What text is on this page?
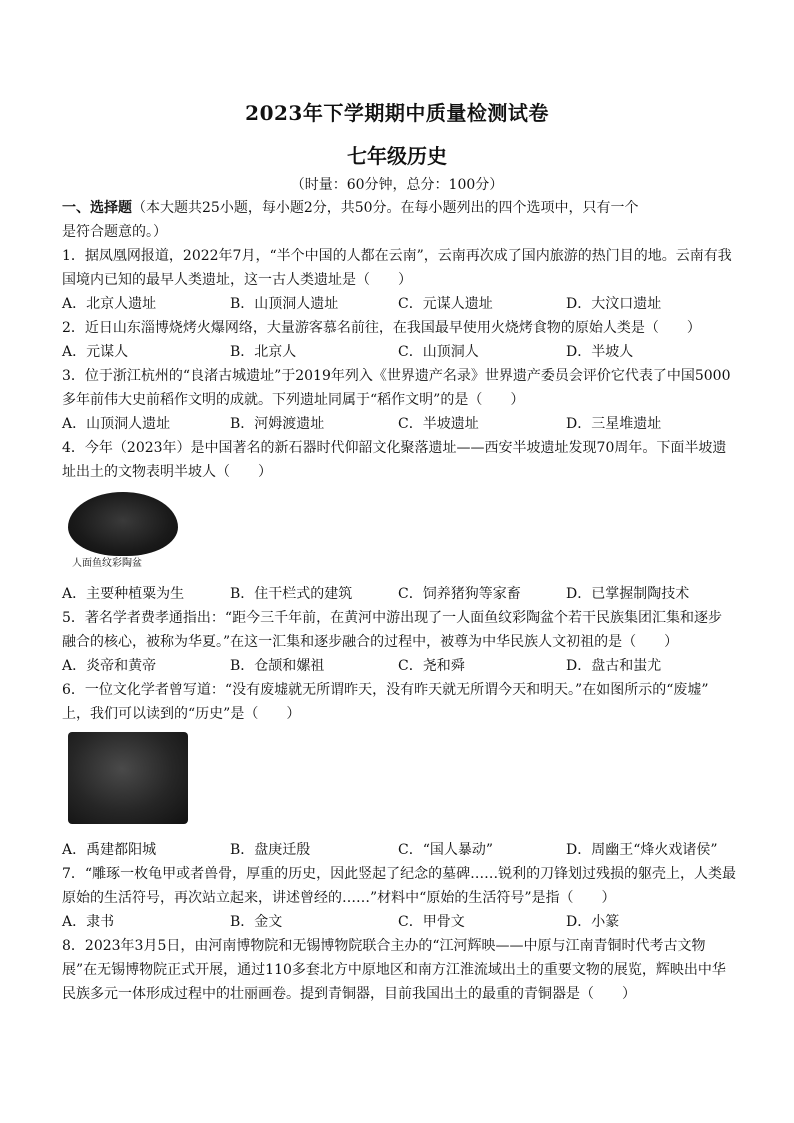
2023年下学期期中质量检测试卷
七年级历史
（时量：60分钟，总分：100分）
一、选择题（本大题共25小题，每小题2分，共50分。在每小题列出的四个选项中，只有一个
是符合题意的。）
1．据凤凰网报道，2022年7月，“半个中国的人都在云南”，云南再次成了国内旅游的热门目的地。云南有我
国境内已知的最早人类遗址，这一古人类遗址是（　　）
A．北京人遗址	B．山顶洞人遗址	C．元谋人遗址	D．大汶口遗址
2．近日山东淄博烧烤火爆网络，大量游客慕名前往，在我国最早使用火烧烤食物的原始人类是（　　）
A．元谋人	B．北京人	C．山顶洞人	D．半坡人
3．位于浙江杭州的“良渚古城遗址”于2019年列入《世界遗产名录》世界遗产委员会评价它代表了中国5000
多年前伟大史前稻作文明的成就。下列遗址同属于“稻作文明”的是（　　）
A．山顶洞人遗址	B．河姆渡遗址	C．半坡遗址	D．三星堆遗址
4．今年（2023年）是中国著名的新石器时代仰韶文化聚落遗址——西安半坡遗址发现70周年。下面半坡遗
址出土的文物表明半坡人（　　）
人面鱼纹彩陶盆
A．主要种植粟为生	B．住干栏式的建筑	C．饲养猪狗等家畜	D．已掌握制陶技术
5．著名学者费孝通指出：“距今三千年前，在黄河中游出现了一人面鱼纹彩陶盆个若干民族集团汇集和逐步
融合的核心，被称为华夏。”在这一汇集和逐步融合的过程中，被尊为中华民族人文初祖的是（　　）
A．炎帝和黄帝	B．仓颉和嫘祖	C．尧和舜	D．盘古和蚩尤
6．一位文化学者曾写道：“没有废墟就无所谓昨天，没有昨天就无所谓今天和明天。”在如图所示的“废墟”
上，我们可以读到的“历史”是（　　）
A．禹建都阳城	B．盘庚迁殷	C．“国人暴动”	D．周幽王“烽火戏诸侯”
7．“雕琢一枚龟甲或者兽骨，厚重的历史，因此竖起了纪念的墓碑……锐利的刀锋划过残损的躯壳上，人类最
原始的生活符号，再次站立起来，讲述曾经的……”材料中“原始的生活符号”是指（　　）
A．隶书	B．金文	C．甲骨文	D．小篆
8．2023年3月5日，由河南博物院和无锡博物院联合主办的“江河辉映——中原与江南青铜时代考古文物
展”在无锡博物院正式开展，通过110多套北方中原地区和南方江淮流域出土的重要文物的展览，辉映出中华
民族多元一体形成过程中的壮丽画卷。提到青铜器，目前我国出土的最重的青铜器是（　　）
